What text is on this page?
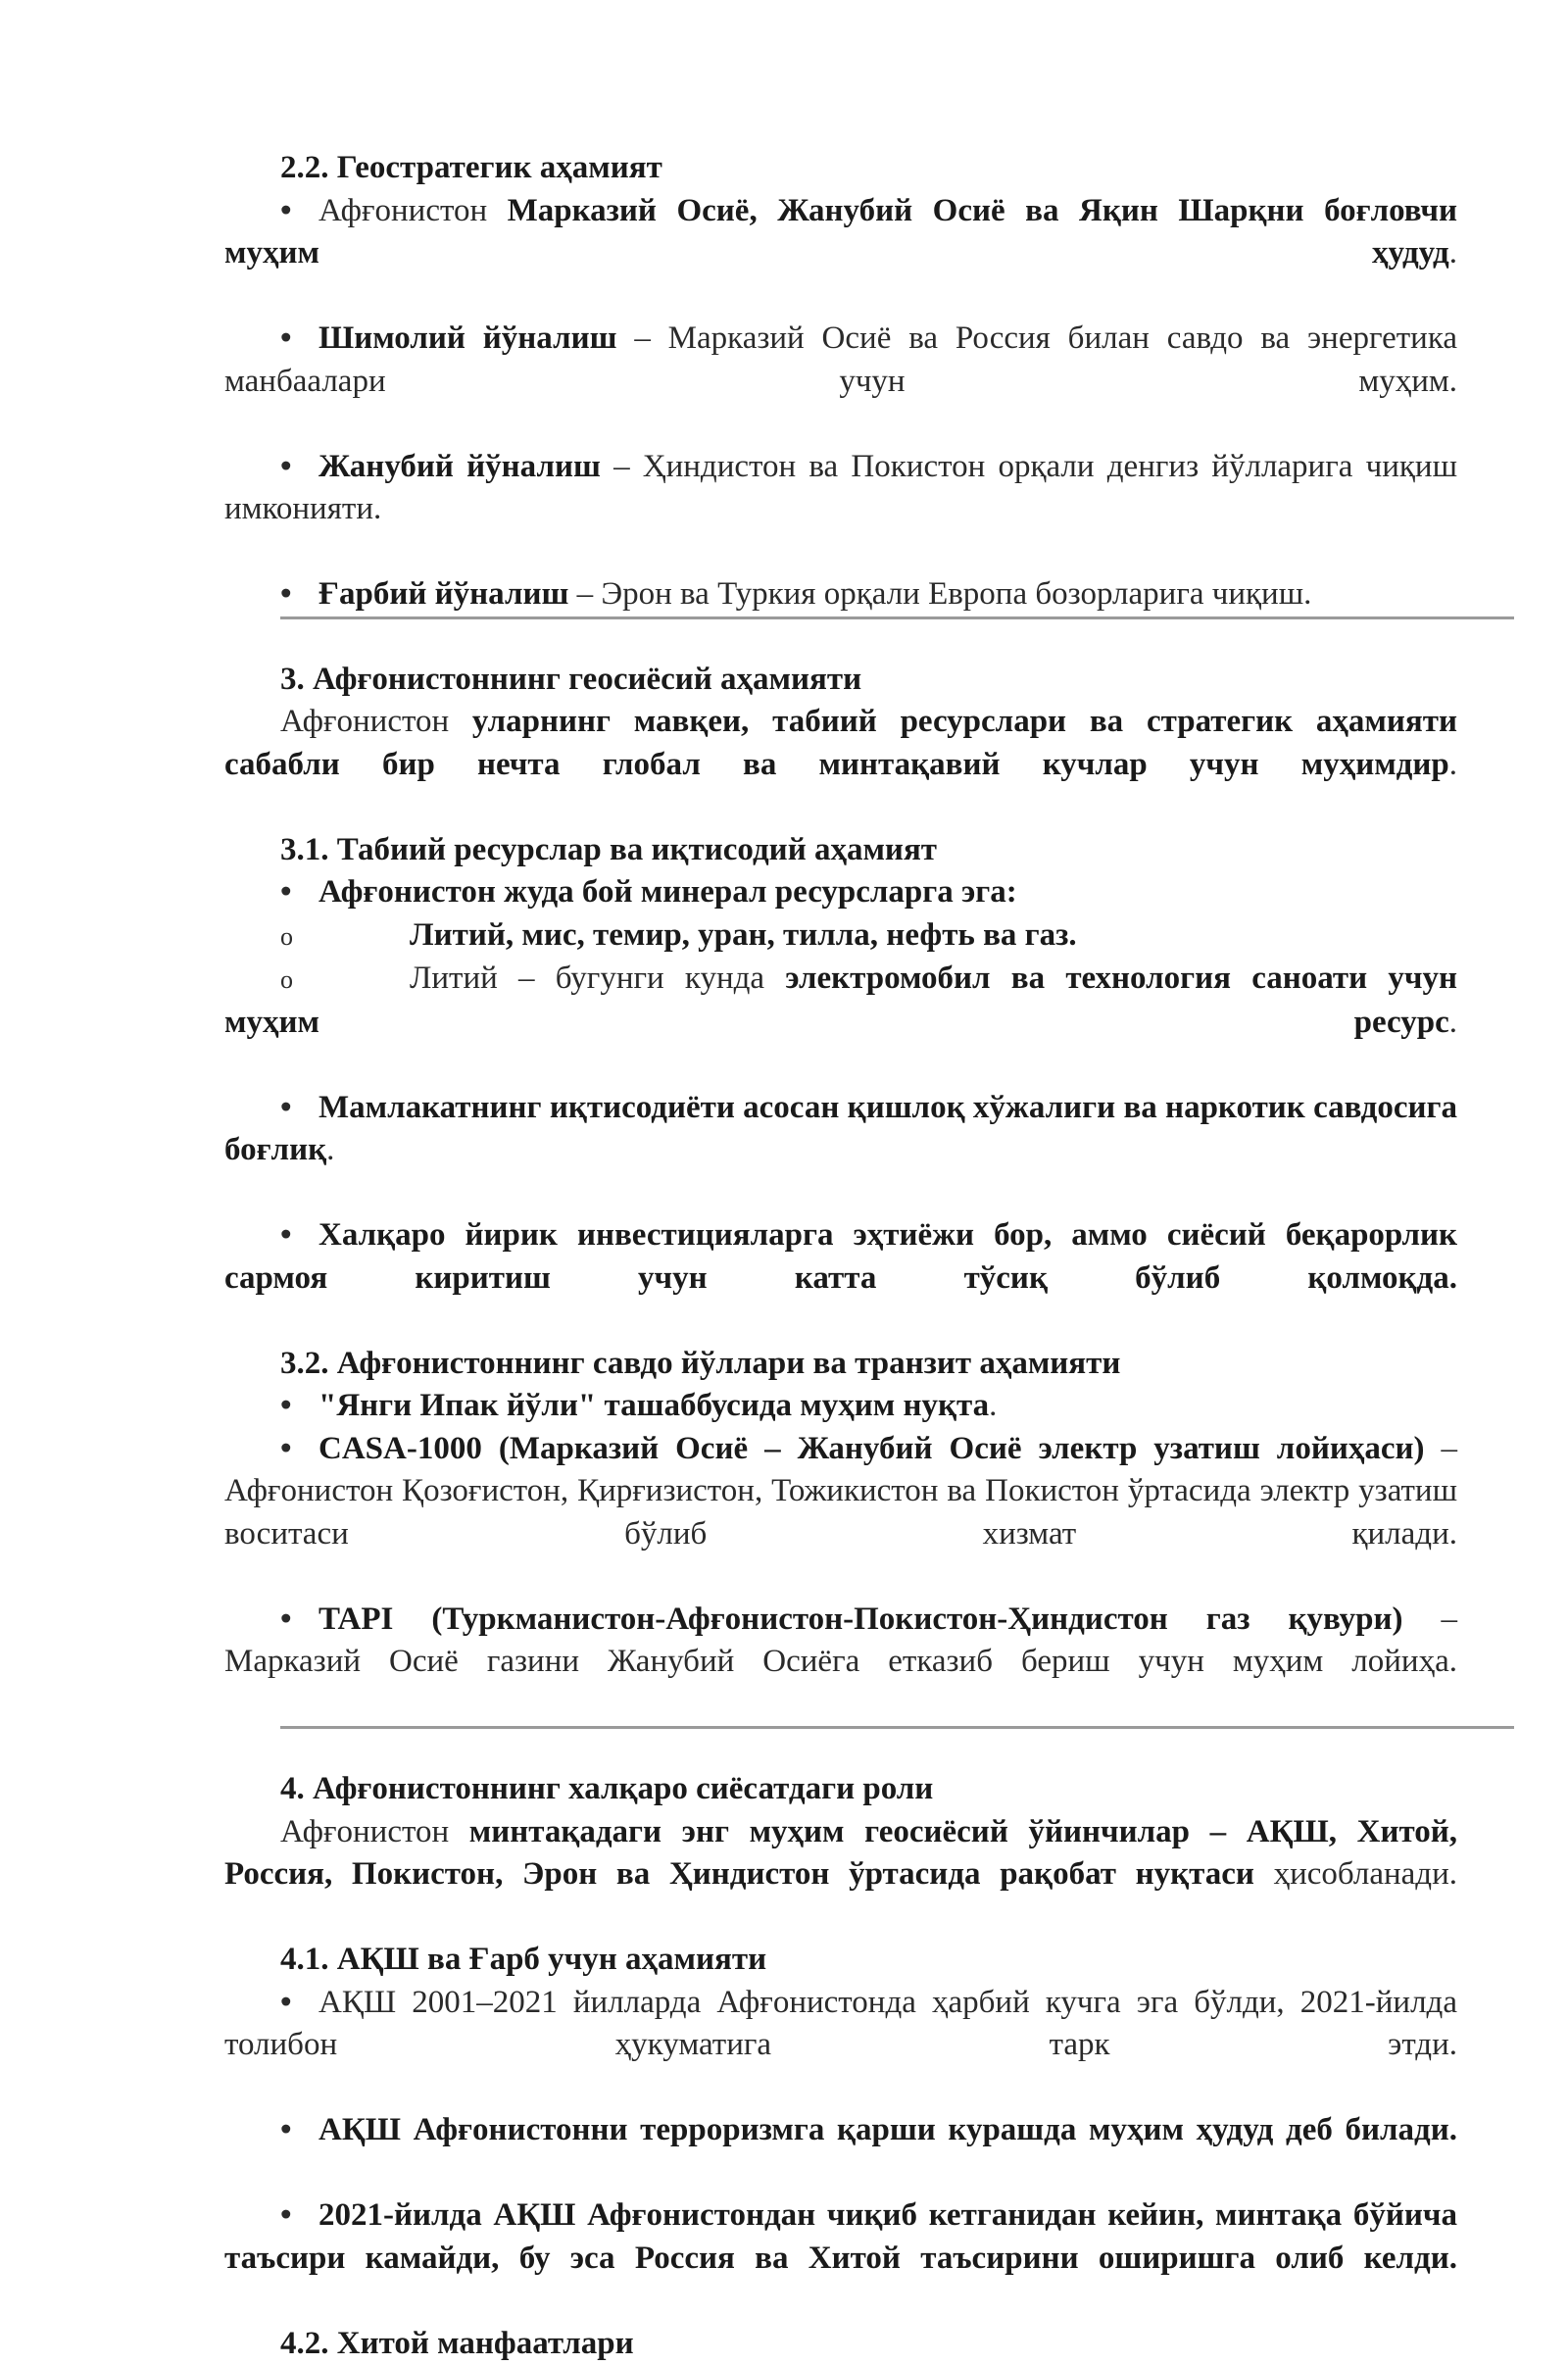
2.2. Геостратегик аҳамият

• Афғонистон Марказий Осиё, Жанубий Осиё ва Яқин Шарқни боғловчи муҳим ҳудуд.

• Шимолий йўналиш – Марказий Осиё ва Россия билан савдо ва энергетика манбаалари учун муҳим.

• Жанубий йўналиш – Ҳиндистон ва Покистон орқали денгиз йўлларига чиқиш имконияти.

• Ғарбий йўналиш – Эрон ва Туркия орқали Европа бозорларига чиқиш.

3. Афғонистоннинг геосиёсий аҳамияти

Афғонистон уларнинг мавқеи, табиий ресурслари ва стратегик аҳамияти сабабли бир нечта глобал ва минтақавий кучлар учун муҳимдир.

3.1. Табиий ресурслар ва иқтисодий аҳамият

• Афғонистон жуда бой минерал ресурсларга эга:

o	Литий, мис, темир, уран, тилла, нефть ва газ.

o	Литий – бугунги кунда электромобил ва технология саноати учун муҳим ресурс.

• Мамлакатнинг иқтисодиёти асосан қишлоқ хўжалиги ва наркотик савдосига боғлиқ.

• Халқаро йирик инвестицияларга эҳтиёжи бор, аммо сиёсий беқарорлик сармоя киритиш учун катта тўсиқ бўлиб қолмоқда.

3.2. Афғонистоннинг савдо йўллари ва транзит аҳамияти

• "Янги Ипак йўли" ташаббусида муҳим нуқта.

• CASA-1000 (Марказий Осиё – Жанубий Осиё электр узатиш лойиҳаси) – Афғонистон Қозоғистон, Қирғизистон, Тожикистон ва Покистон ўртасида электр узатиш воситаси бўлиб хизмат қилади.

• TAPI (Туркманистон-Афғонистон-Покистон-Ҳиндистон газ қувури) – Марказий Осиё газини Жанубий Осиёга етказиб бериш учун муҳим лойиҳа.

4. Афғонистоннинг халқаро сиёсатдаги роли

Афғонистон минтақадаги энг муҳим геосиёсий ўйинчилар – АҚШ, Хитой, Россия, Покистон, Эрон ва Ҳиндистон ўртасида рақобат нуқтаси ҳисобланади.

4.1. АҚШ ва Ғарб учун аҳамияти

• АҚШ 2001–2021 йилларда Афғонистонда ҳарбий кучга эга бўлди, 2021-йилда толибон ҳукуматига тарк этди.

• АҚШ Афғонистонни терроризмга қарши курашда муҳим ҳудуд деб билади.

• 2021-йилда АҚШ Афғонистондан чиқиб кетганидан кейин, минтақа бўйича таъсири камайди, бу эса Россия ва Хитой таъсирини оширишга олиб келди.

4.2. Хитой манфаатлари
